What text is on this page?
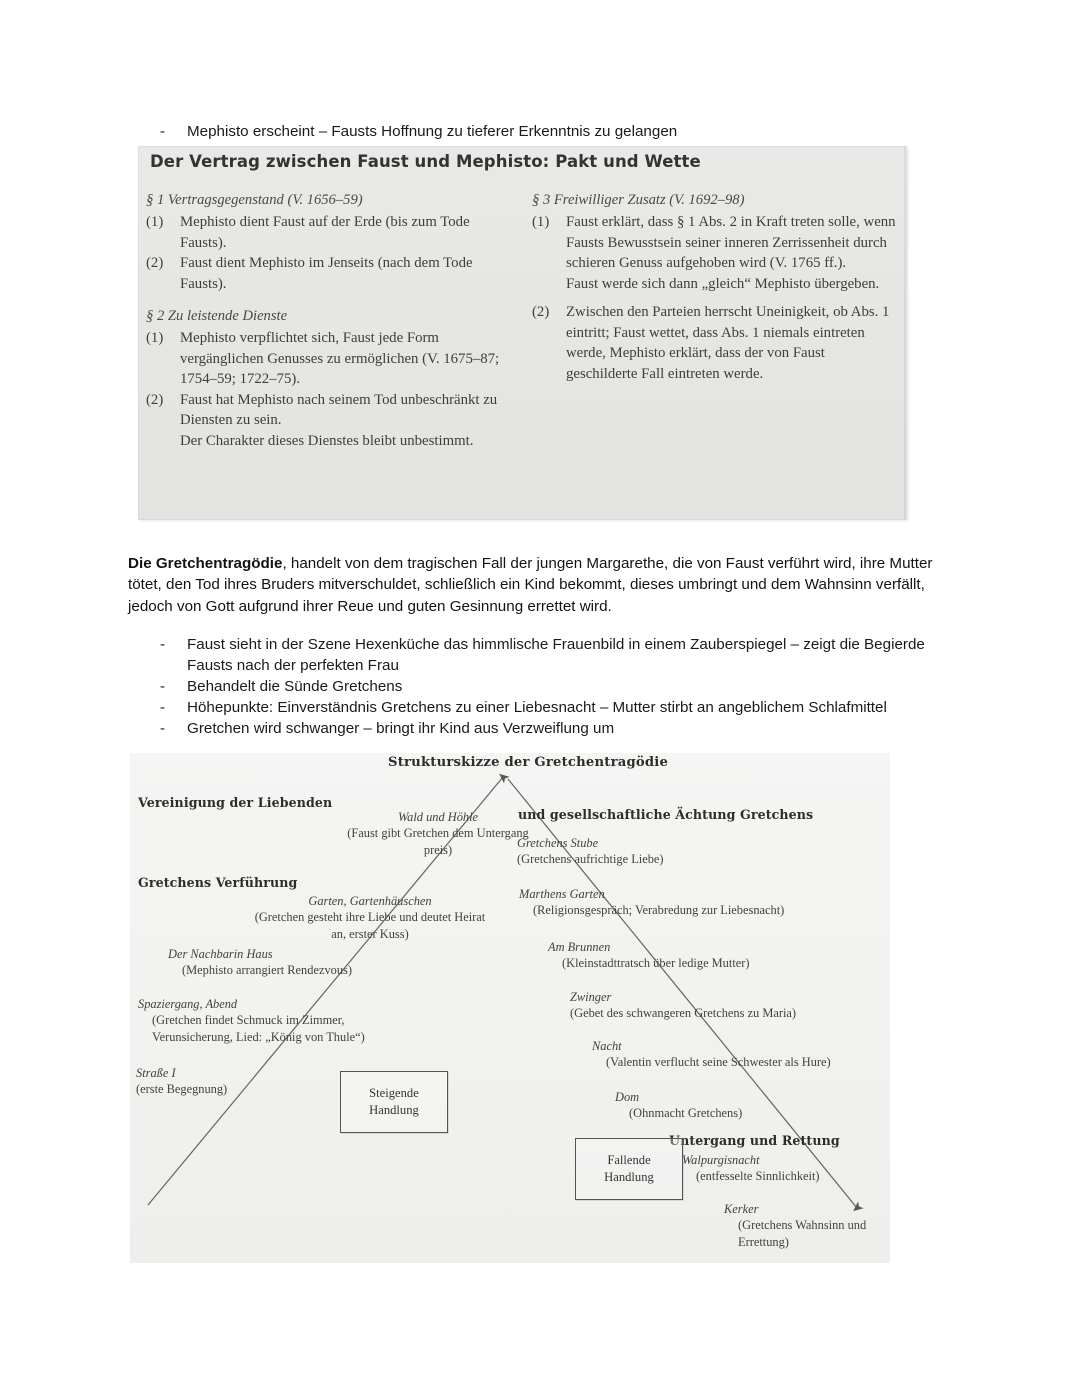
-	Mephisto erscheint – Fausts Hoffnung zu tieferer Erkenntnis zu gelangen
Der Vertrag zwischen Faust und Mephisto: Pakt und Wette
§ 1 Vertragsgegenstand (V. 1656–59)
(1)	Mephisto dient Faust auf der Erde (bis zum Tode Fausts).
(2)	Faust dient Mephisto im Jenseits (nach dem Tode Fausts).
§ 2 Zu leistende Dienste
(1)	Mephisto verpflichtet sich, Faust jede Form vergänglichen Genusses zu ermöglichen (V. 1675–87; 1754–59; 1722–75).
(2)	Faust hat Mephisto nach seinem Tod unbeschränkt zu Diensten zu sein.
Der Charakter dieses Dienstes bleibt unbestimmt.
§ 3 Freiwilliger Zusatz (V. 1692–98)
(1)	Faust erklärt, dass § 1 Abs. 2 in Kraft treten solle, wenn Fausts Bewusstsein seiner inneren Zerrissenheit durch schieren Genuss aufgehoben wird (V. 1765 ff.).
Faust werde sich dann „gleich“ Mephisto übergeben.
(2)	Zwischen den Parteien herrscht Uneinigkeit, ob Abs. 1 eintritt; Faust wettet, dass Abs. 1 niemals eintreten werde, Mephisto erklärt, dass der von Faust geschilderte Fall eintreten werde.
Die Gretchentragödie, handelt von dem tragischen Fall der jungen Margarethe, die von Faust verführt wird, ihre Mutter tötet, den Tod ihres Bruders mitverschuldet, schließlich ein Kind bekommt, dieses umbringt und dem Wahnsinn verfällt, jedoch von Gott aufgrund ihrer Reue und guten Gesinnung errettet wird.
-	Faust sieht in der Szene Hexenküche das himmlische Frauenbild in einem Zauberspiegel – zeigt die Begierde Fausts nach der perfekten Frau
-	Behandelt die Sünde Gretchens
-	Höhepunkte: Einverständnis Gretchens zu einer Liebesnacht – Mutter stirbt an angeblichem Schlafmittel
-	Gretchen wird schwanger – bringt ihr Kind aus Verzweiflung um
Strukturskizze der Gretchentragödie
Vereinigung der Liebenden
und gesellschaftliche Ächtung Gretchens
Untergang und Rettung
Gretchens Verführung
Wald und Höhle
(Faust gibt Gretchen dem Untergang preis)
Garten, Gartenhäuschen
(Gretchen gesteht ihre Liebe und deutet Heirat an, erster Kuss)
Der Nachbarin Haus
(Mephisto arrangiert Rendezvous)
Spaziergang, Abend
(Gretchen findet Schmuck im Zimmer, Verunsicherung, Lied: „König von Thule“)
Straße I
(erste Begegnung)
Gretchens Stube
(Gretchens aufrichtige Liebe)
Marthens Garten
(Religionsgespräch; Verabredung zur Liebesnacht)
Am Brunnen
(Kleinstadttratsch über ledige Mutter)
Zwinger
(Gebet des schwangeren Gretchens zu Maria)
Nacht
(Valentin verflucht seine Schwester als Hure)
Dom
(Ohnmacht Gretchens)
Walpurgisnacht
(entfesselte Sinnlichkeit)
Kerker
(Gretchens Wahnsinn und Errettung)
Steigende
Handlung
Fallende
Handlung
